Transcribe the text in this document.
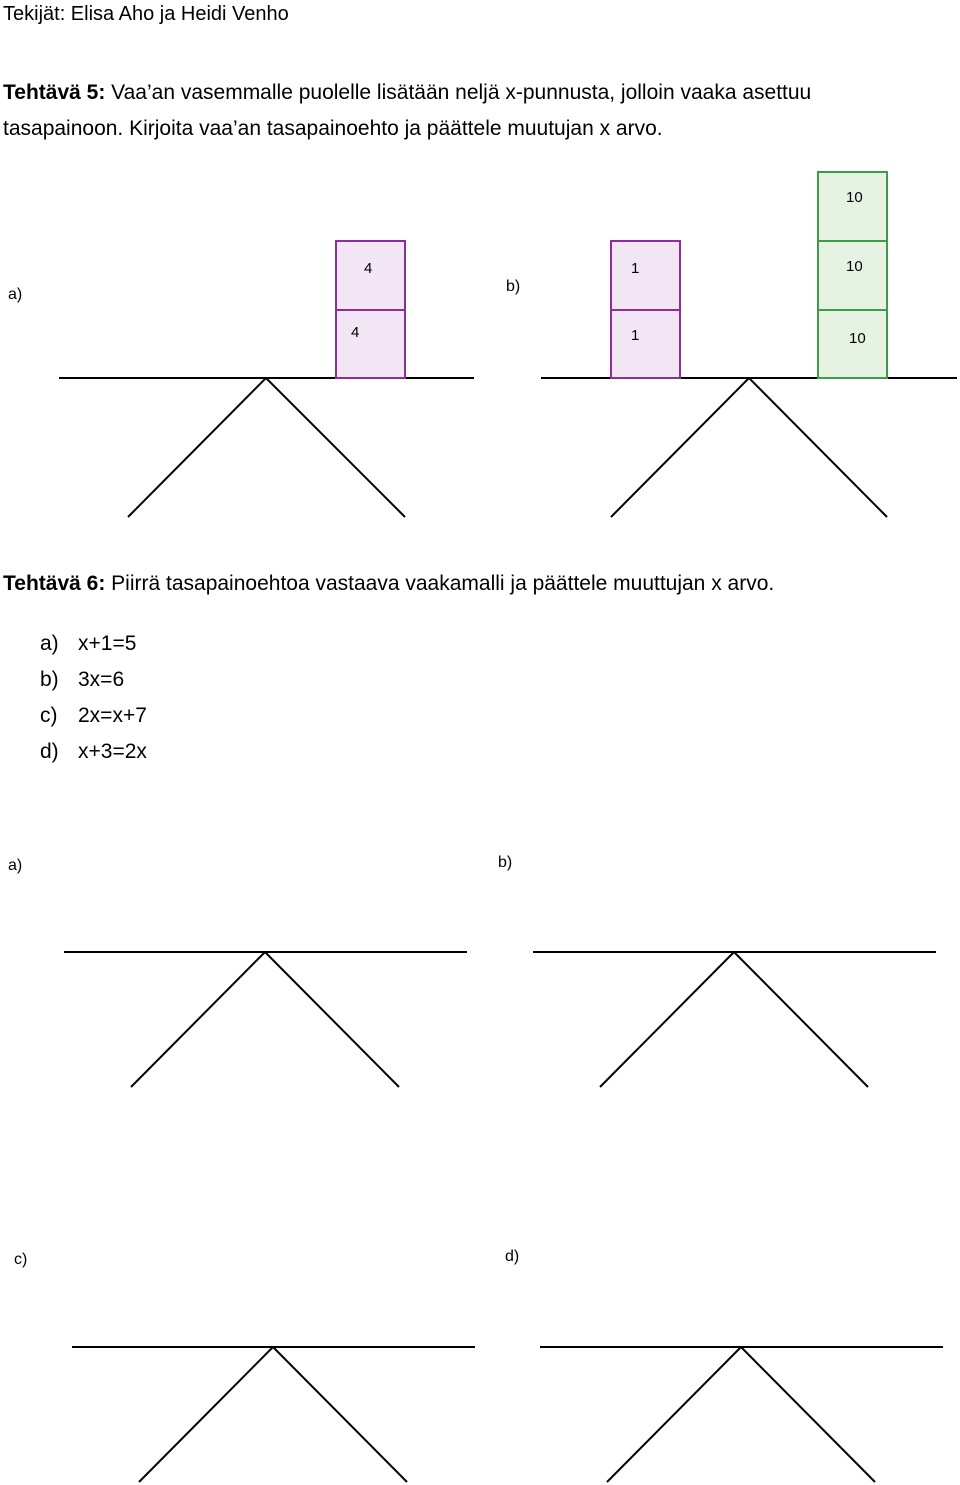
Tekijät: Elisa Aho ja Heidi Venho
Tehtävä 5: Vaa’an vasemmalle puolelle lisätään neljä x-punnusta, jolloin vaaka asettuu
tasapainoon. Kirjoita vaa’an tasapainoehto ja päättele muutujan x arvo.
a)	b)
4
4
1
1
10
10
10
Tehtävä 6: Piirrä tasapainoehtoa vastaava vaakamalli ja päättele muuttujan x arvo.
a) x+1=5
b) 3x=6
c) 2x=x+7
d) x+3=2x
a)	b)
c)	d)
